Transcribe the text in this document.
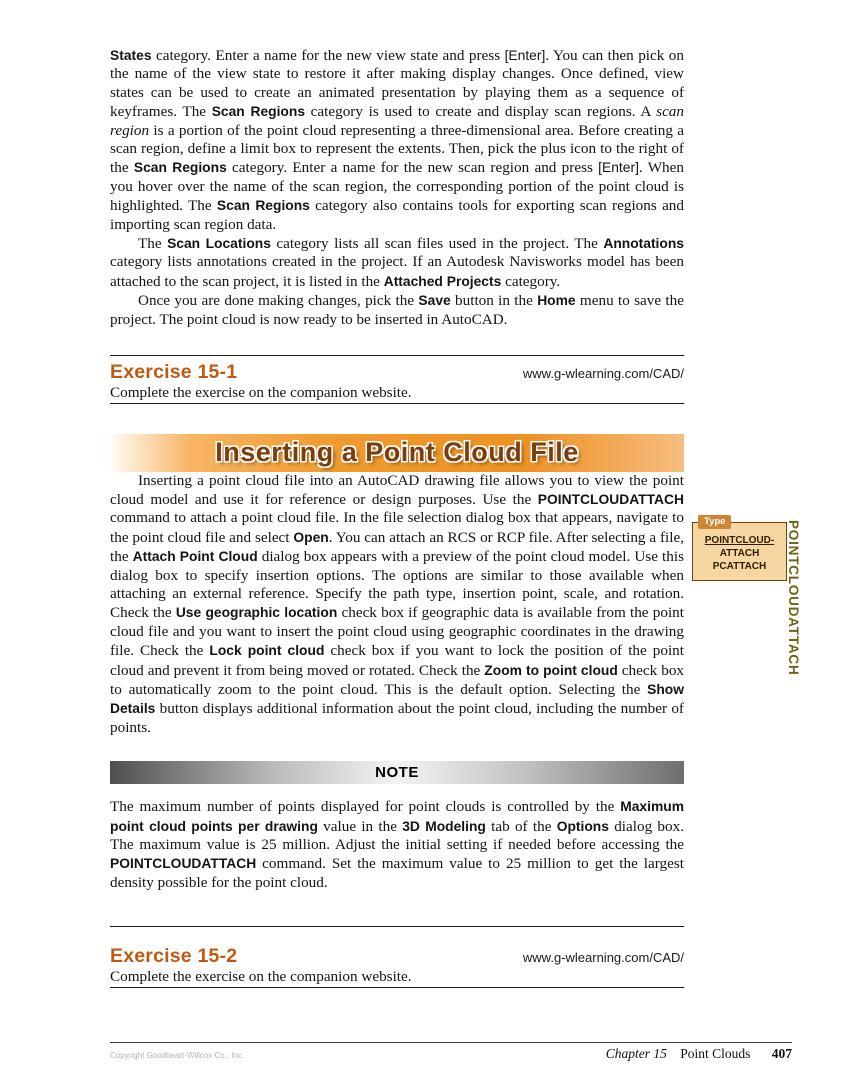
States category. Enter a name for the new view state and press [Enter]. You can then pick on the name of the view state to restore it after making display changes. Once defined, view states can be used to create an animated presentation by playing them as a sequence of keyframes. The Scan Regions category is used to create and display scan regions. A scan region is a portion of the point cloud representing a three-dimensional area. Before creating a scan region, define a limit box to represent the extents. Then, pick the plus icon to the right of the Scan Regions category. Enter a name for the new scan region and press [Enter]. When you hover over the name of the scan region, the corresponding portion of the point cloud is highlighted. The Scan Regions category also contains tools for exporting scan regions and importing scan region data.

The Scan Locations category lists all scan files used in the project. The Annotations category lists annotations created in the project. If an Autodesk Navisworks model has been attached to the scan project, it is listed in the Attached Projects category.

Once you are done making changes, pick the Save button in the Home menu to save the project. The point cloud is now ready to be inserted in AutoCAD.

Exercise 15-1	www.g-wlearning.com/CAD/

Complete the exercise on the companion website.

Inserting a Point Cloud File

Inserting a point cloud file into an AutoCAD drawing file allows you to view the point cloud model and use it for reference or design purposes. Use the POINTCLOUDATTACH command to attach a point cloud file. In the file selection dialog box that appears, navigate to the point cloud file and select Open. You can attach an RCS or RCP file. After selecting a file, the Attach Point Cloud dialog box appears with a preview of the point cloud model. Use this dialog box to specify insertion options. The options are similar to those available when attaching an external reference. Specify the path type, insertion point, scale, and rotation. Check the Use geographic location check box if geographic data is available from the point cloud file and you want to insert the point cloud using geographic coordinates in the drawing file. Check the Lock point cloud check box if you want to lock the position of the point cloud and prevent it from being moved or rotated. Check the Zoom to point cloud check box to automatically zoom to the point cloud. This is the default option. Selecting the Show Details button displays additional information about the point cloud, including the number of points.

NOTE

The maximum number of points displayed for point clouds is controlled by the Maximum point cloud points per drawing value in the 3D Modeling tab of the Options dialog box. The maximum value is 25 million. Adjust the initial setting if needed before accessing the POINTCLOUDATTACH command. Set the maximum value to 25 million to get the largest density possible for the point cloud.

Exercise 15-2	www.g-wlearning.com/CAD/

Complete the exercise on the companion website.

Type
POINTCLOUD-
ATTACH
PCATTACH	POINTCLOUDATTACH
Copyright Goodheart-Willcox Co., Inc.	Chapter 15 Point Clouds 407
